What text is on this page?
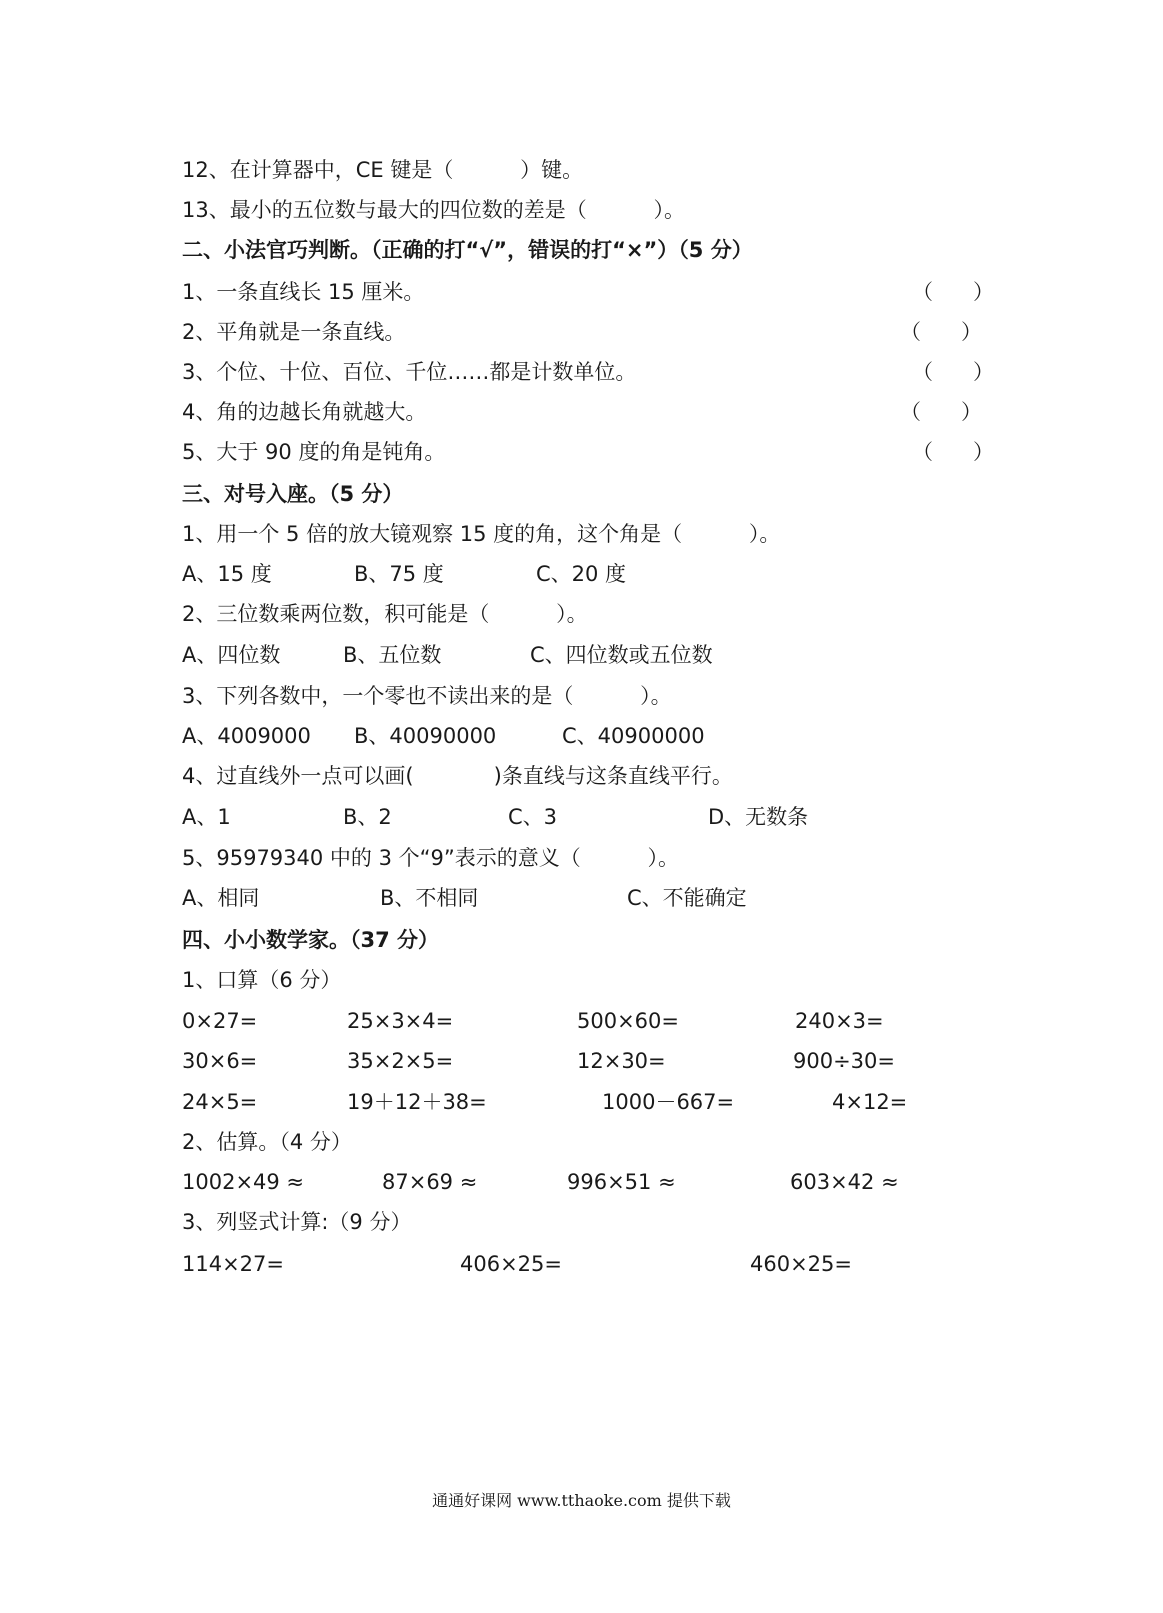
12、在计算器中，CE 键是（          ）键。
13、最小的五位数与最大的四位数的差是（          ）。
二、小法官巧判断。（正确的打“√”，错误的打“×”）（5 分）
1、一条直线长 15 厘米。	（      ）
2、平角就是一条直线。	（      ）
3、个位、十位、百位、千位……都是计数单位。	（      ）
4、角的边越长角就越大。	（      ）
5、大于 90 度的角是钝角。	（      ）
三、对号入座。（5 分）
1、用一个 5 倍的放大镜观察 15 度的角，这个角是（          ）。
A、15 度	B、75 度	C、20 度
2、三位数乘两位数，积可能是（          ）。
A、四位数	B、五位数	C、四位数或五位数
3、下列各数中，一个零也不读出来的是（          ）。
A、4009000 B、40090000	C、40900000
4、过直线外一点可以画(            )条直线与这条直线平行。
A、1	B、2	C、3	D、无数条
5、95979340 中的 3 个“9”表示的意义（          ）。
A、相同	B、不相同	C、不能确定
四、小小数学家。（37 分）
1、口算（6 分）
0×27=	25×3×4=	500×60=	240×3=
30×6=	35×2×5=	12×30=	900÷30=
24×5=	19＋12＋38=	1000－667=	4×12=
2、估算。（4 分）
1002×49 ≈	87×69 ≈	996×51 ≈	603×42 ≈
3、列竖式计算:（9 分）
114×27=	406×25=	460×25=
通通好课网 www.tthaoke.com 提供下载
